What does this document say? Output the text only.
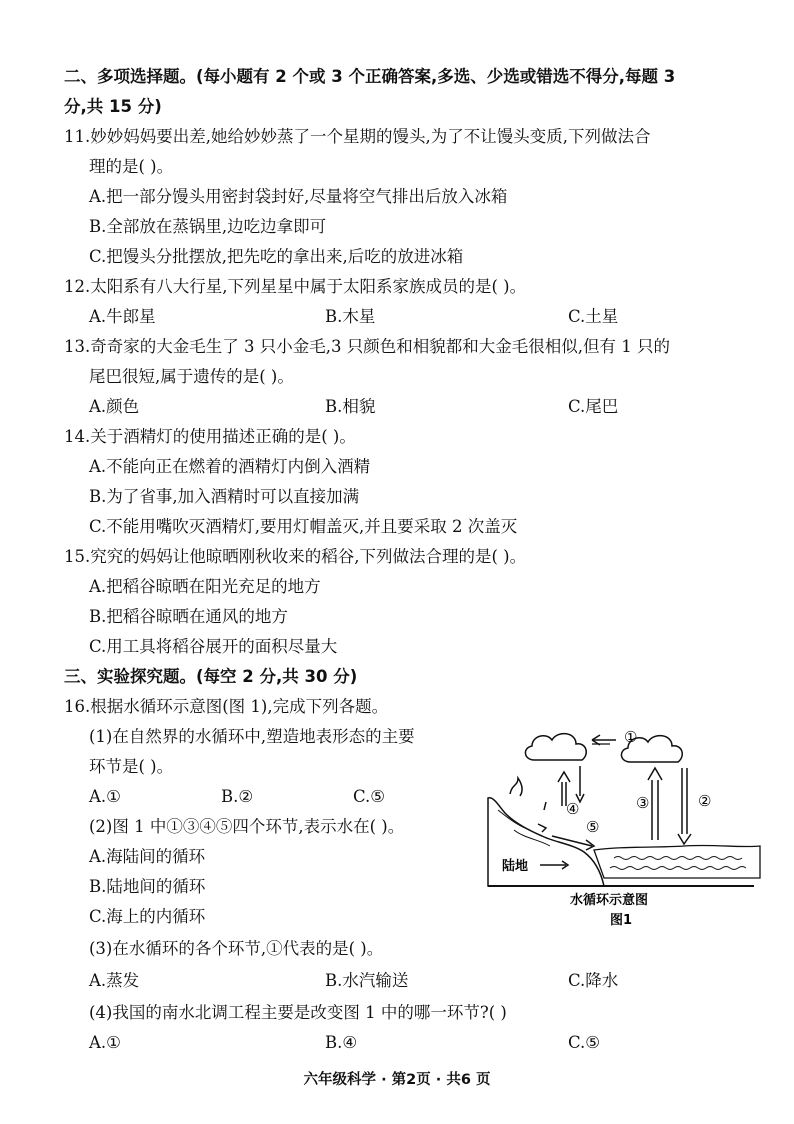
二、多项选择题。(每小题有 2 个或 3 个正确答案,多选、少选或错选不得分,每题 3
分,共 15 分)
11.妙妙妈妈要出差,她给妙妙蒸了一个星期的馒头,为了不让馒头变质,下列做法合
理的是( )。
A.把一部分馒头用密封袋封好,尽量将空气排出后放入冰箱
B.全部放在蒸锅里,边吃边拿即可
C.把馒头分批摆放,把先吃的拿出来,后吃的放进冰箱
12.太阳系有八大行星,下列星星中属于太阳系家族成员的是( )。
A.牛郎星	B.木星	C.土星
13.奇奇家的大金毛生了 3 只小金毛,3 只颜色和相貌都和大金毛很相似,但有 1 只的
尾巴很短,属于遗传的是( )。
A.颜色	B.相貌	C.尾巴
14.关于酒精灯的使用描述正确的是( )。
A.不能向正在燃着的酒精灯内倒入酒精
B.为了省事,加入酒精时可以直接加满
C.不能用嘴吹灭酒精灯,要用灯帽盖灭,并且要采取 2 次盖灭
15.究究的妈妈让他晾晒刚秋收来的稻谷,下列做法合理的是( )。
A.把稻谷晾晒在阳光充足的地方
B.把稻谷晾晒在通风的地方
C.用工具将稻谷展开的面积尽量大
三、实验探究题。(每空 2 分,共 30 分)
16.根据水循环示意图(图 1),完成下列各题。
(1)在自然界的水循环中,塑造地表形态的主要
环节是( )。
A.①	B.②	C.⑤
(2)图 1 中①③④⑤四个环节,表示水在( )。
A.海陆间的循环
B.陆地间的循环
C.海上的内循环
(3)在水循环的各个环节,①代表的是( )。
A.蒸发	B.水汽输送	C.降水
(4)我国的南水北调工程主要是改变图 1 中的哪一环节?( )
A.①	B.④	C.⑤
①
④
⑤
③	②
陆地
水循环示意图
图1
六年级科学 · 第2页 · 共6 页
